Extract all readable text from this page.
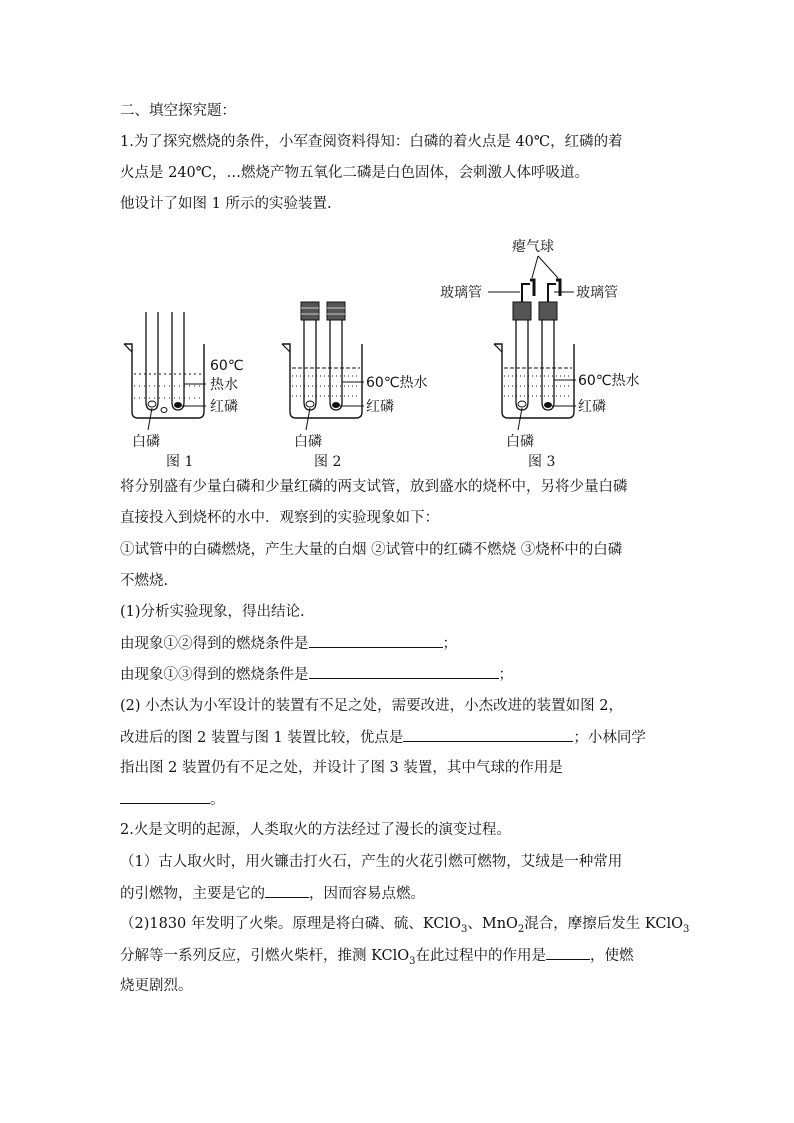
二、填空探究题：
1.为了探究燃烧的条件，小军查阅资料得知：白磷的着火点是 40℃，红磷的着
火点是 240℃，…燃烧产物五氧化二磷是白色固体，会刺激人体呼吸道。
他设计了如图 1 所示的实验装置.
60℃
热水
红磷
白磷
图 1
60℃热水
红磷
白磷
图 2
瘪气球
玻璃管	玻璃管
60℃热水
红磷
白磷
图 3
将分别盛有少量白磷和少量红磷的两支试管，放到盛水的烧杯中，另将少量白磷
直接投入到烧杯的水中．观察到的实验现象如下：
①试管中的白磷燃烧，产生大量的白烟 ②试管中的红磷不燃烧 ③烧杯中的白磷
不燃烧.
(1)分析实验现象，得出结论.
由现象①②得到的燃烧条件是	；
由现象①③得到的燃烧条件是	；
(2) 小杰认为小军设计的装置有不足之处，需要改进，小杰改进的装置如图 2，
改进后的图 2 装置与图 1 装置比较，优点是	；小林同学
指出图 2 装置仍有不足之处，并设计了图 3 装置，其中气球的作用是
。
2.火是文明的起源，人类取火的方法经过了漫长的演变过程。
（1）古人取火时，用火镰击打火石，产生的火花引燃可燃物，艾绒是一种常用
的引燃物，主要是它的	，因而容易点燃。
（2)1830 年发明了火柴。原理是将白磷、硫、KClO$_3$、MnO$_2$混合，摩擦后发生 KClO$_3$
分解等一系列反应，引燃火柴杆，推测 KClO$_3$在此过程中的作用是	，使燃
烧更剧烈。
